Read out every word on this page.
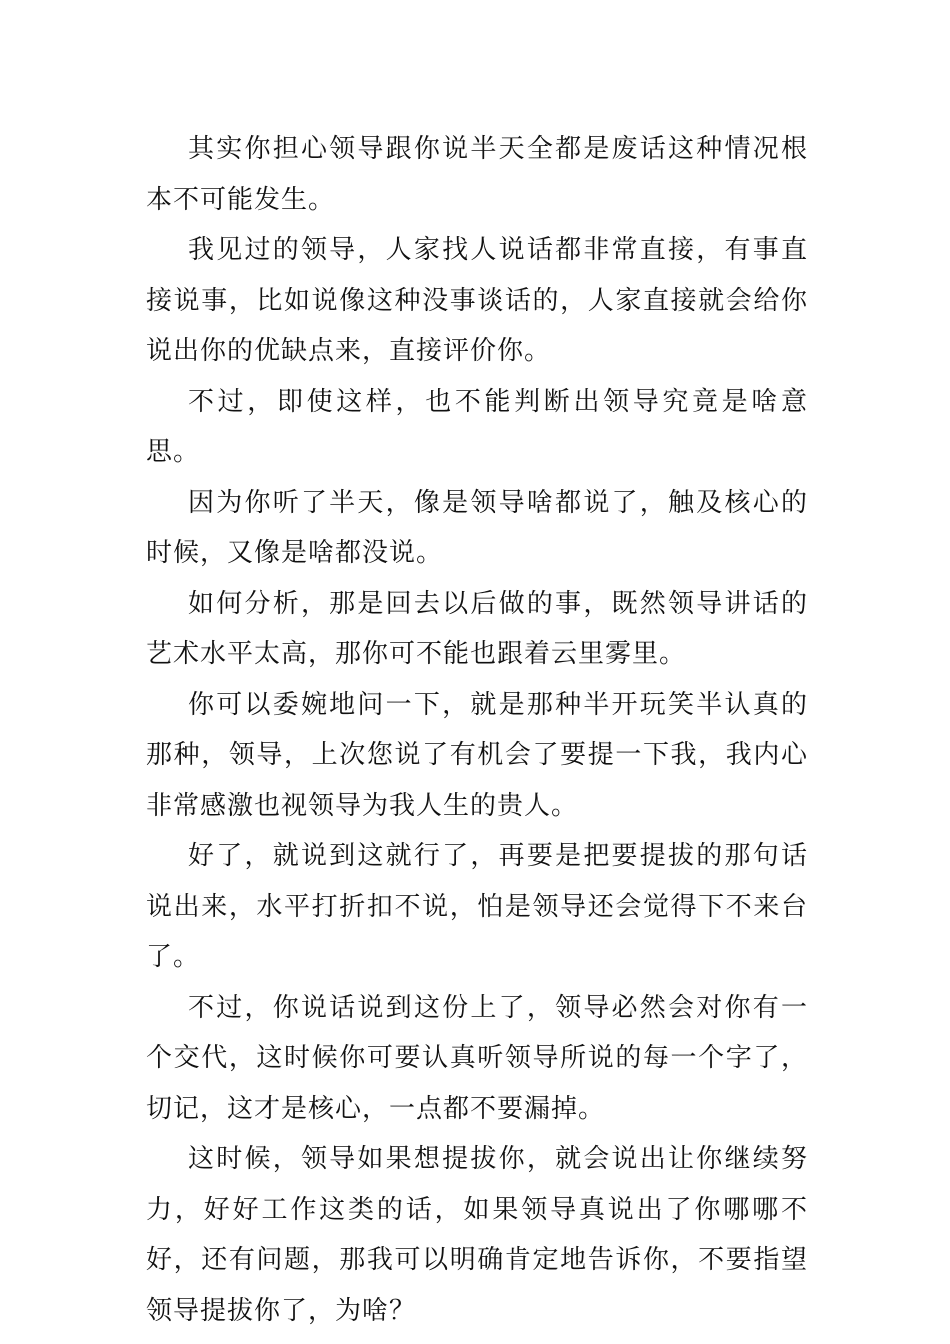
其实你担心领导跟你说半天全都是废话这种情况根本不可能发生。

我见过的领导，人家找人说话都非常直接，有事直接说事，比如说像这种没事谈话的，人家直接就会给你说出你的优缺点来，直接评价你。

不过，即使这样，也不能判断出领导究竟是啥意思。

因为你听了半天，像是领导啥都说了，触及核心的时候，又像是啥都没说。

如何分析，那是回去以后做的事，既然领导讲话的艺术水平太高，那你可不能也跟着云里雾里。

你可以委婉地问一下，就是那种半开玩笑半认真的那种，领导，上次您说了有机会了要提一下我，我内心非常感激也视领导为我人生的贵人。

好了，就说到这就行了，再要是把要提拔的那句话说出来，水平打折扣不说，怕是领导还会觉得下不来台了。

不过，你说话说到这份上了，领导必然会对你有一个交代，这时候你可要认真听领导所说的每一个字了，切记，这才是核心，一点都不要漏掉。

这时候，领导如果想提拔你，就会说出让你继续努力，好好工作这类的话，如果领导真说出了你哪哪不好，还有问题，那我可以明确肯定地告诉你，不要指望领导提拔你了，为啥？
